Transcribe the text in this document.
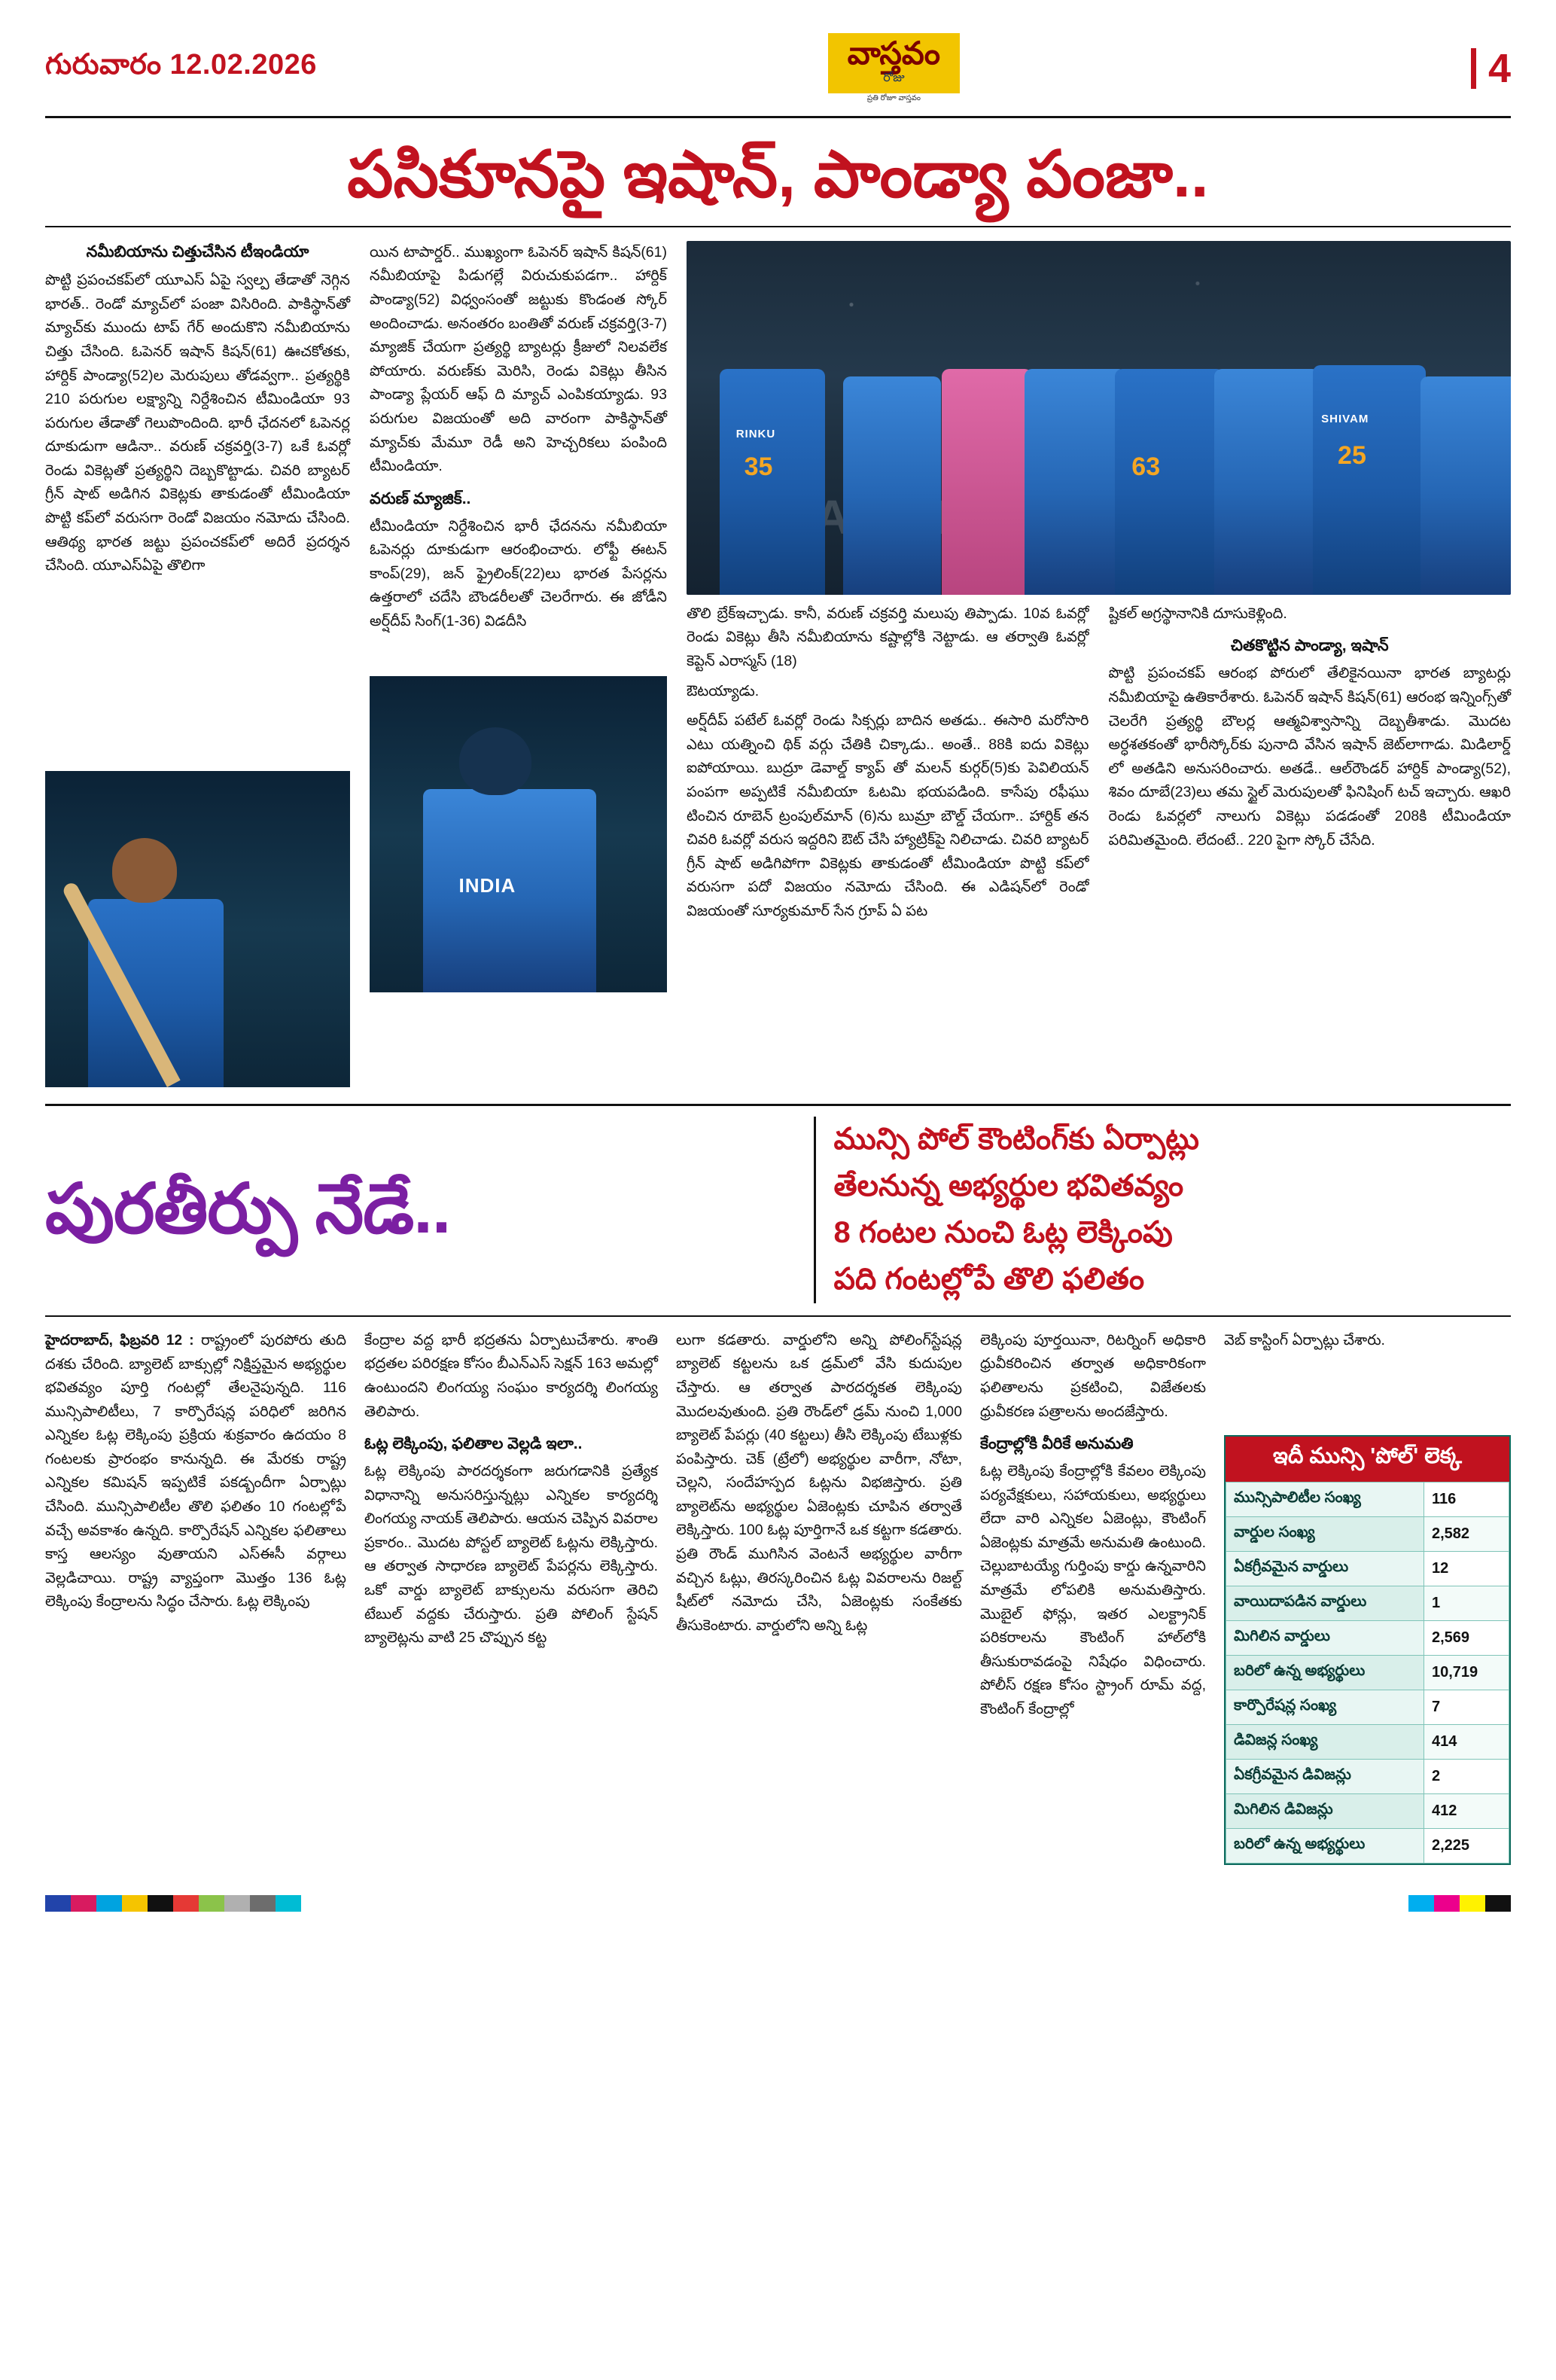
గురువారం 12.02.2026	వాస్తవం
రోజు
ప్రతి రోజూ వాస్తవం
4
పసికూనపై ఇషాన్, పాండ్యా పంజా..
నమీబియాను చిత్తుచేసిన టీఇండియా

పొట్టి ప్రపంచకప్‌లో యూఎస్ ఏపై స్వల్ప తేడాతో నెగ్గిన భారత్.. రెండో మ్యాచ్‌లో పంజా విసిరింది. పాకిస్థాన్‌తో మ్యాచ్‌కు ముందు టాప్ గేర్ అందుకొని నమీబియాను చిత్తు చేసింది. ఓపెనర్ ఇషాన్ కిషన్(61) ఊచకోతకు, హార్దిక్ పాండ్యా(52)ల మెరుపులు తోడవ్వగా.. ప్రత్యర్థికి 210 పరుగుల లక్ష్యాన్ని నిర్దేశించిన టీమిండియా 93 పరుగుల తేడాతో గెలుపొందింది. భారీ ఛేదనలో ఓపెనర్ల దూకుడుగా ఆడినా.. వరుణ్ చక్రవర్తి(3-7) ఒకే ఓవర్లో రెండు వికెట్లతో ప్రత్యర్థిని దెబ్బకొట్టాడు. చివరి బ్యాటర్ గ్రీన్ షాట్ అడిగిన వికెట్లకు తాకుడంతో టీమిండియా పొట్టి కప్‌లో వరుసగా రెండో విజయం నమోదు చేసింది. ఆతిథ్య భారత జట్టు ప్రపంచకప్‌లో అదిరే ప్రదర్శన చేసింది. యూఎస్ఏపై తొలిగా

యిన టాపార్డర్.. ముఖ్యంగా ఓపెనర్ ఇషాన్ కిషన్(61) నమీబియాపై పిడుగల్లే విరుచుకుపడగా.. హార్దిక్ పాండ్యా(52) విధ్వంసంతో జట్టుకు కొండంత స్కోర్ అందించాడు. అనంతరం బంతితో వరుణ్ చక్రవర్తి(3-7) మ్యాజిక్ చేయగా ప్రత్యర్థి బ్యాటర్లు క్రీజులో నిలవలేక పోయారు. వరుణ్‌కు మెరిసి, రెండు వికెట్లు తీసిన పాండ్యా ప్లేయర్ ఆఫ్ ది మ్యాచ్ ఎంపికయ్యాడు. 93 పరుగుల విజయంతో అది వారంగా పాకిస్థాన్‌తో మ్యాచ్‌కు మేమూ రెడీ అని హెచ్చరికలు పంపింది టీమిండియా.

వరుణ్ మ్యాజిక్..

టీమిండియా నిర్దేశించిన భారీ ఛేదనను నమీబియా ఓపెనర్లు దూకుడుగా ఆరంభించారు. లోఫ్టీ ఈటన్ కాంప్(29), జన్ ఫ్రైలింక్(22)లు భారత పేసర్లను ఉత్తరాలో చదేసి బౌండరీలతో చెలరేగారు. ఈ జోడీని అర్ష్‌దీప్ సింగ్(1-36) విడదీసి

INDIA
35
RINKU
63
SHIVAM
25

తొలి బ్రేక్‌ఇచ్చాడు. కానీ, వరుణ్ చక్రవర్తి మలుపు తిప్పాడు. 10వ ఓవర్లో రెండు వికెట్లు తీసి నమీబియాను కష్టాల్లోకి నెట్టాడు. ఆ తర్వాతి ఓవర్లో కెప్టెన్ ఎరాస్మస్ (18)

ఔటయ్యాడు.

అర్ష్‌దీప్ పటేల్ ఓవర్లో రెండు సిక్సర్లు బాదిన అతడు.. ఈసారి మరోసారి ఎటు యత్నించి థిక్ వర్గు చేతికి చిక్కాడు.. అంతే.. 88కి ఐదు వికెట్లు ఐపోయాయి. బుద్రూ డెవాల్డ్ క్యాప్ తో మలన్ కుర్గర్(5)కు పెవిలియన్ పంపగా అప్పటికే నమీబియా ఓటమి భయపడింది. కాసేపు రఫీఘు టించిన రూబెన్ ట్రంపుల్‌మాన్ (6)ను బుమ్రా బౌల్డ్ చేయగా.. హార్దిక్ తన చివరి ఓవర్లో వరుస ఇద్దరిని ఔట్ చేసి హ్యాట్రిక్‌పై నిలిచాడు. చివరి బ్యాటర్ గ్రీన్ షాట్ అడిగిపోగా వికెట్లకు తాకుడంతో టీమిండియా పొట్టి కప్‌లో వరుసగా పదో విజయం నమోదు చేసింది. ఈ ఎడిషన్‌లో రెండో విజయంతో సూర్యకుమార్ సేన గ్రూప్ ఏ పట

ష్టికల్ అగ్రస్థానానికి దూసుకెళ్లింది.

చితకొట్టిన పాండ్యా, ఇషాన్

పొట్టి ప్రపంచకప్ ఆరంభ పోరులో తేలికైనయినా భారత బ్యాటర్లు నమీబియాపై ఉతికారేశారు. ఓపెనర్ ఇషాన్ కిషన్(61) ఆరంభ ఇన్నింగ్స్‌తో చెలరేగి ప్రత్యర్థి బౌలర్ల ఆత్మవిశ్వాసాన్ని దెబ్బతీశాడు. మొదట అర్ధశతకంతో భారీస్కోర్‌కు పునాది వేసిన ఇషాన్ జెట్‌లాగాడు. మిడిలార్డ్ లో అతడిని అనుసరించారు. అతడే.. ఆల్‌రౌండర్ హార్దిక్ పాండ్యా(52), శివం దూబే(23)లు తమ స్టైల్ మెరుపులతో ఫినిషింగ్ టచ్ ఇచ్చారు. ఆఖరి రెండు ఓవర్లలో నాలుగు వికెట్లు పడడంతో 208కి టీమిండియా పరిమితమైంది. లేదంటే.. 220 పైగా స్కోర్ చేసేది.

పురతీర్పు నేడే..
మున్సి పోల్ కౌంటింగ్‌కు ఏర్పాట్లు
తేలనున్న అభ్యర్థుల భవితవ్యం
8 గంటల నుంచి ఓట్ల లెక్కింపు
పది గంటల్లోపే తొలి ఫలితం

హైదరాబాద్, ఫిబ్రవరి 12 : రాష్ట్రంలో పురపోరు తుది దశకు చేరింది. బ్యాలెట్ బాక్సుల్లో నిక్షిప్తమైన అభ్యర్థుల భవితవ్యం పూర్తి గంటల్లో తేలనైపున్నది. 116 మున్సిపాలిటీలు, 7 కార్పొరేషన్ల పరిధిలో జరిగిన ఎన్నికల ఓట్ల లెక్కింపు ప్రక్రియ శుక్రవారం ఉదయం 8 గంటలకు ప్రారంభం కానున్నది. ఈ మేరకు రాష్ట్ర ఎన్నికల కమిషన్ ఇప్పటికే పకడ్బందీగా ఏర్పాట్లు చేసింది. మున్సిపాలిటీల తొలి ఫలితం 10 గంటల్లోపే వచ్చే అవకాశం ఉన్నది. కార్పొరేషన్ ఎన్నికల ఫలితాలు కాస్త ఆలస్యం వుతాయని ఎస్ఈసీ వర్గాలు వెల్లడిచాయి. రాష్ట్ర వ్యాప్తంగా మొత్తం 136 ఓట్ల లెక్కింపు కేంద్రాలను సిద్ధం చేసారు. ఓట్ల లెక్కింపు

కేంద్రాల వద్ద భారీ భద్రతను ఏర్పాటుచేశారు. శాంతి భద్రతల పరిరక్షణ కోసం బీఎన్ఎస్ సెక్షన్ 163 అమల్లో ఉంటుందని లింగయ్య సంఘం కార్యదర్శి లింగయ్య తెలిపారు.

ఓట్ల లెక్కింపు, ఫలితాల వెల్లడి ఇలా..

ఓట్ల లెక్కింపు పారదర్శకంగా జరుగడానికి ప్రత్యేక విధానాన్ని అనుసరిస్తున్నట్లు ఎన్నికల కార్యదర్శి లింగయ్య నాయక్ తెలిపారు. ఆయన చెప్పిన వివరాల ప్రకారం.. మొదట పోస్టల్ బ్యాలెట్ ఓట్లను లెక్కిస్తారు. ఆ తర్వాత సాధారణ బ్యాలెట్ పేపర్లను లెక్కిస్తారు. ఒకో వార్డు బ్యాలెట్ బాక్సులను వరుసగా తెరిచి టేబుల్ వద్దకు చేరుస్తారు. ప్రతి పోలింగ్ స్టేషన్ బ్యాలెట్లను వాటి 25 చొప్పున కట్ట

లుగా కడతారు. వార్డులోని అన్ని పోలింగ్‌స్టేషన్ల బ్యాలెట్ కట్టలను ఒక డ్రమ్‌లో వేసి కుదుపుల చేస్తారు. ఆ తర్వాత పారదర్శకత లెక్కింపు మొదలవుతుంది. ప్రతి రౌండ్‌లో డ్రమ్ నుంచి 1,000 బ్యాలెట్ పేపర్లు (40 కట్టలు) తీసి లెక్కింపు టేబుళ్లకు పంపిస్తారు. చెక్ (ట్రేలో) అభ్యర్థుల వారీగా, నోటా, చెల్లని, సందేహస్పద ఓట్లను విభజిస్తారు. ప్రతి బ్యాలెట్‌ను అభ్యర్థుల ఏజెంట్లకు చూపిన తర్వాతే లెక్కిస్తారు. 100 ఓట్ల పూర్తిగానే ఒక కట్టగా కడతారు. ప్రతి రౌండ్ ముగిసిన వెంటనే అభ్యర్థుల వారీగా వచ్చిన ఓట్లు, తిరస్కరించిన ఓట్ల వివరాలను రిజల్ట్ షీట్‌లో నమోదు చేసి, ఏజెంట్లకు సంకేతకు తీసుకెంటారు. వార్డులోని అన్ని ఓట్ల

లెక్కింపు పూర్తయినా, రిటర్నింగ్ అధికారి ధ్రువీకరించిన తర్వాత అధికారికంగా ఫలితాలను ప్రకటించి, విజేతలకు ధ్రువీకరణ పత్రాలను అందజేస్తారు.

కేంద్రాల్లోకి వీరికే అనుమతి

ఓట్ల లెక్కింపు కేంద్రాల్లోకి కేవలం లెక్కింపు పర్యవేక్షకులు, సహాయకులు, అభ్యర్థులు లేదా వారి ఎన్నికల ఏజెంట్లు, కౌంటింగ్ ఏజెంట్లకు మాత్రమే అనుమతి ఉంటుంది. చెల్లుబాటయ్యే గుర్తింపు కార్డు ఉన్నవారిని మాత్రమే లోపలికి అనుమతిస్తారు. మొబైల్ ఫోన్లు, ఇతర ఎలక్ట్రానిక్ పరికరాలను కౌంటింగ్ హాల్‌లోకి తీసుకురావడంపై నిషేధం విధించారు. పోలీస్ రక్షణ కోసం స్ట్రాంగ్ రూమ్ వద్ద, కౌంటింగ్ కేంద్రాల్లో

వెబ్ కాస్టింగ్ ఏర్పాట్లు చేశారు.

ఇదీ మున్సి 'పోల్' లెక్క
మున్సిపాలిటీల సంఖ్య	116
వార్డుల సంఖ్య	2,582
ఏకగ్రీవమైన వార్డులు	12
వాయిదాపడిన వార్డులు	1
మిగిలిన వార్డులు	2,569
బరిలో ఉన్న అభ్యర్థులు	10,719
కార్పొరేషన్ల సంఖ్య	7
డివిజన్ల సంఖ్య	414
ఏకగ్రీవమైన డివిజన్లు	2
మిగిలిన డివిజన్లు	412
బరిలో ఉన్న అభ్యర్థులు	2,225
